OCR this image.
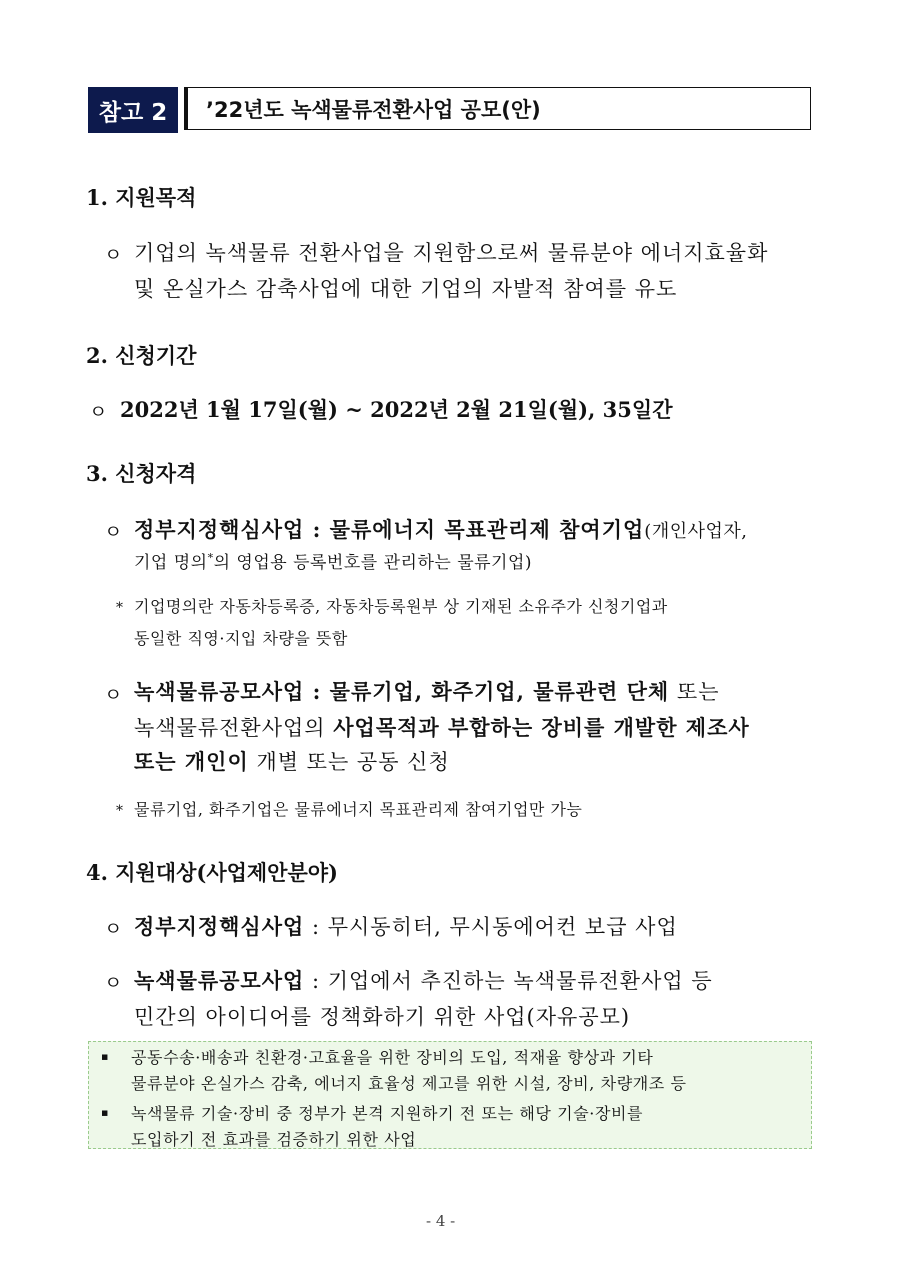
참고 2	’22년도 녹색물류전환사업 공모(안)
1. 지원목적
ㅇ 기업의 녹색물류 전환사업을 지원함으로써 물류분야 에너지효율화
및 온실가스 감축사업에 대한 기업의 자발적 참여를 유도
2. 신청기간
ㅇ 2022년 1월 17일(월) ~ 2022년 2월 21일(월), 35일간
3. 신청자격
ㅇ 정부지정핵심사업 : 물류에너지 목표관리제 참여기업(개인사업자,
기업 명의*의 영업용 등록번호를 관리하는 물류기업)
* 기업명의란 자동차등록증, 자동차등록원부 상 기재된 소유주가 신청기업과
동일한 직영·지입 차량을 뜻함
ㅇ 녹색물류공모사업 : 물류기업, 화주기업, 물류관련 단체 또는
녹색물류전환사업의 사업목적과 부합하는 장비를 개발한 제조사
또는 개인이 개별 또는 공동 신청
* 물류기업, 화주기업은 물류에너지 목표관리제 참여기업만 가능
4. 지원대상(사업제안분야)
ㅇ 정부지정핵심사업 : 무시동히터, 무시동에어컨 보급 사업
ㅇ 녹색물류공모사업 : 기업에서 추진하는 녹색물류전환사업 등
민간의 아이디어를 정책화하기 위한 사업(자유공모)
▪ 공동수송·배송과 친환경·고효율을 위한 장비의 도입, 적재율 향상과 기타
물류분야 온실가스 감축, 에너지 효율성 제고를 위한 시설, 장비, 차량개조 등
▪ 녹색물류 기술·장비 중 정부가 본격 지원하기 전 또는 해당 기술·장비를
도입하기 전 효과를 검증하기 위한 사업
- 4 -
